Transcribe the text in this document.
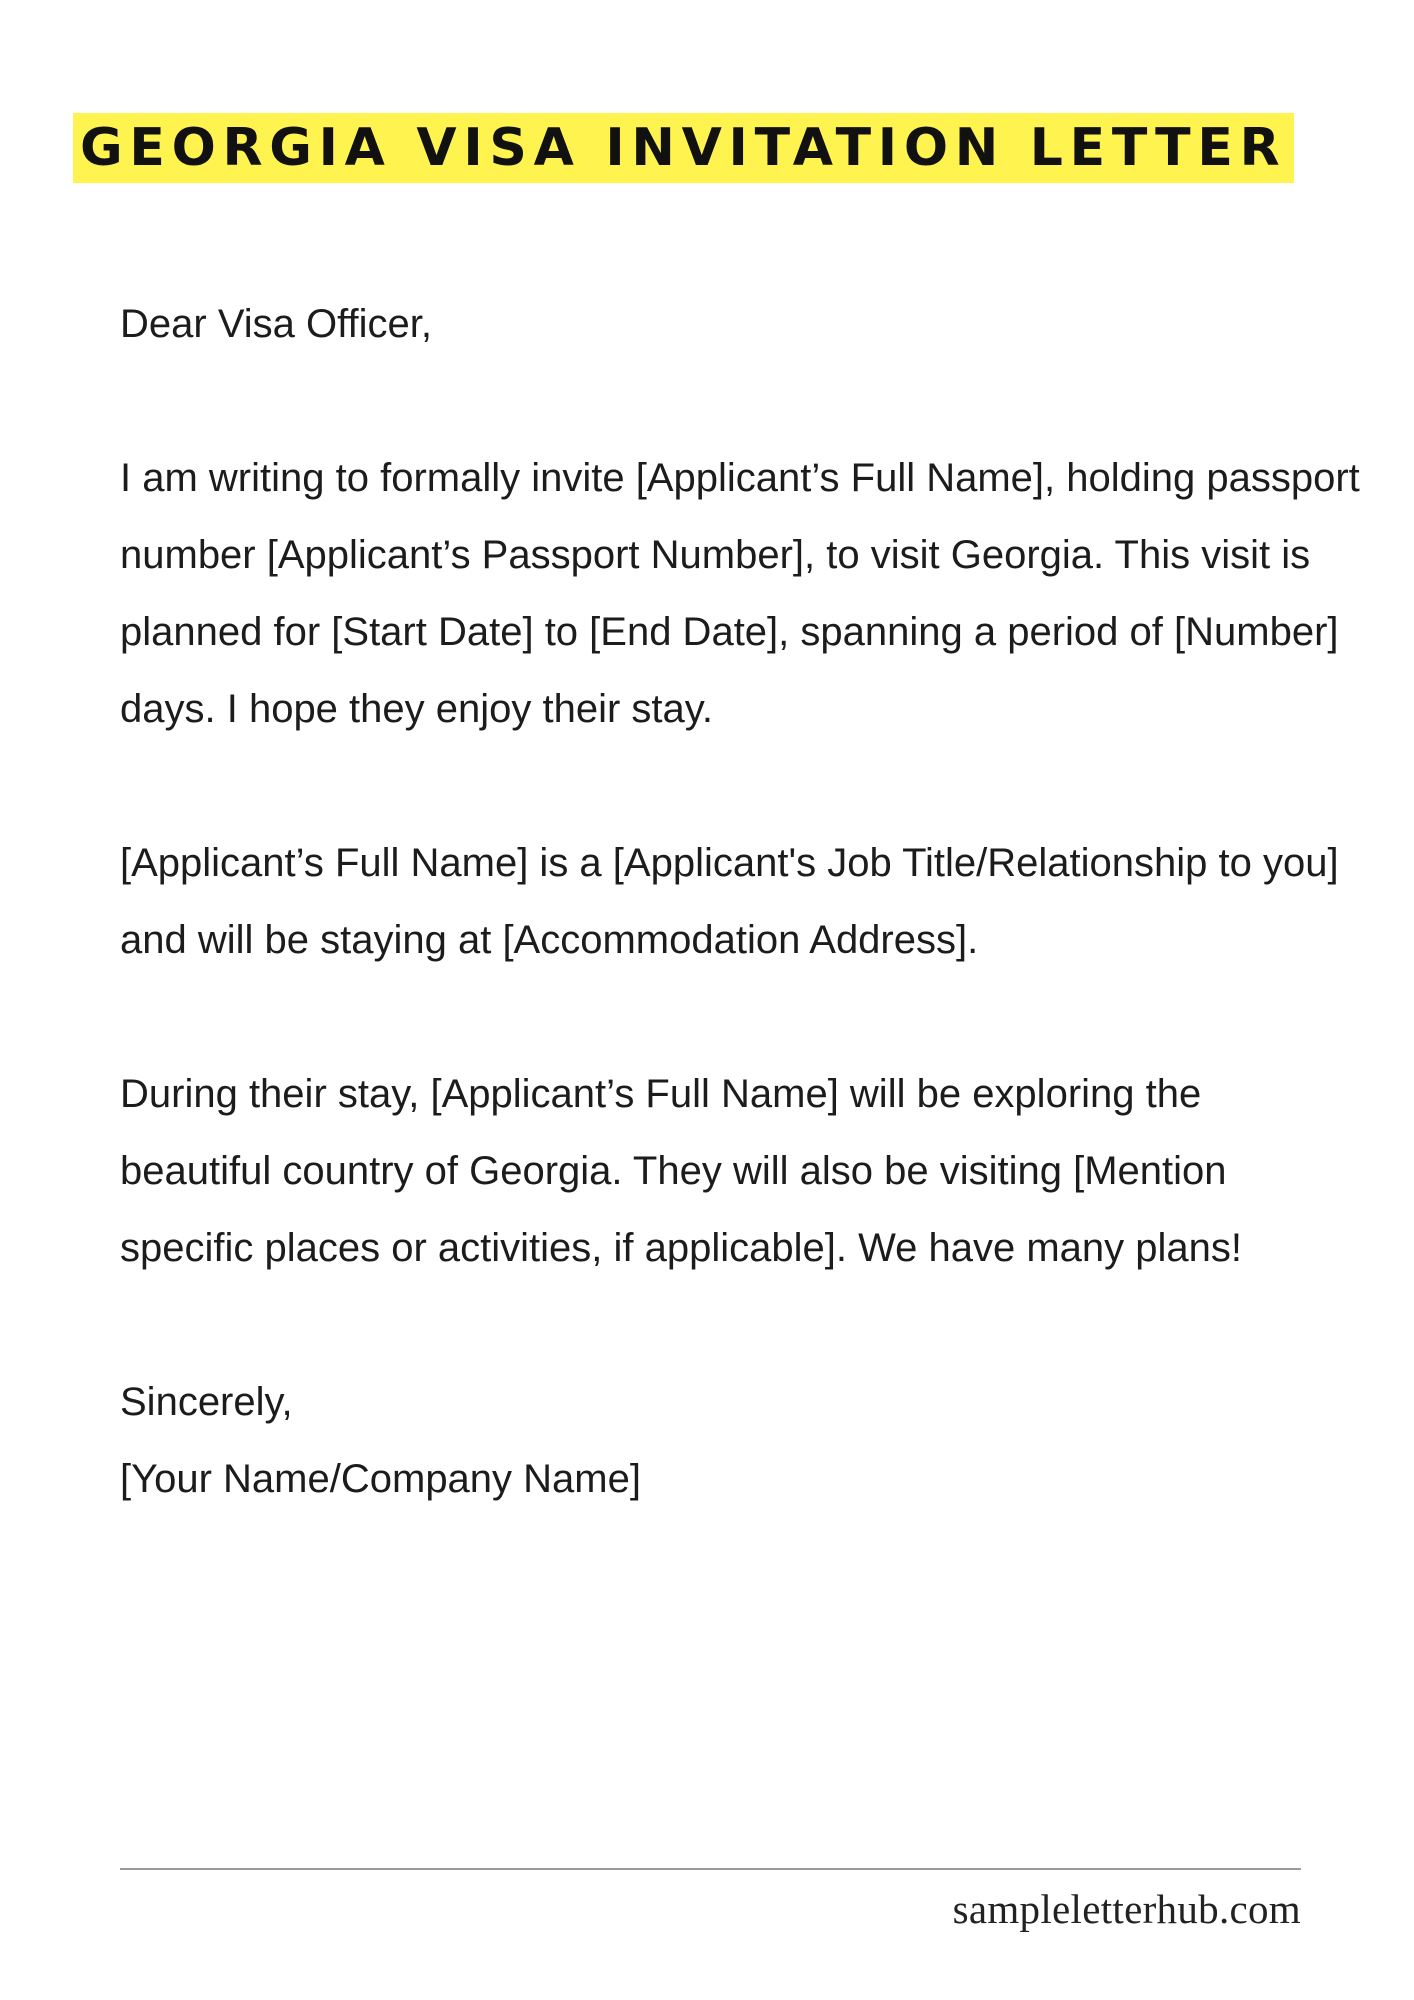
GEORGIA VISA INVITATION LETTER

Dear Visa Officer,

I am writing to formally invite [Applicant’s Full Name], holding passport number [Applicant’s Passport Number], to visit Georgia. This visit is planned for [Start Date] to [End Date], spanning a period of [Number] days. I hope they enjoy their stay.

[Applicant’s Full Name] is a [Applicant's Job Title/Relationship to you] and will be staying at [Accommodation Address].

During their stay, [Applicant’s Full Name] will be exploring the beautiful country of Georgia. They will also be visiting [Mention specific places or activities, if applicable]. We have many plans!

Sincerely,

[Your Name/Company Name]

sampleletterhub.com
